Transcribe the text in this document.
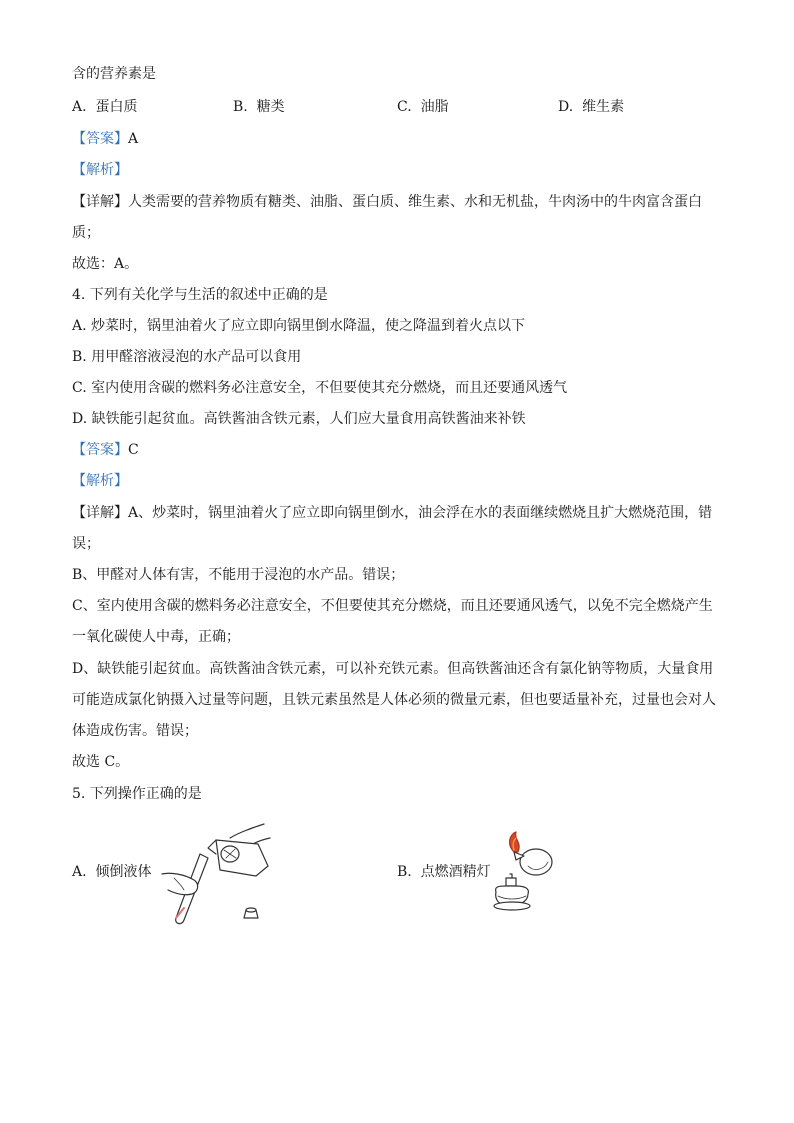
含的营养素是
A. 蛋白质	B. 糖类	C. 油脂	D. 维生素
【答案】A
【解析】
【详解】人类需要的营养物质有糖类、油脂、蛋白质、维生素、水和无机盐，牛肉汤中的牛肉富含蛋白
质；
故选：A。
4. 下列有关化学与生活的叙述中正确的是
A. 炒菜时，锅里油着火了应立即向锅里倒水降温，使之降温到着火点以下
B. 用甲醛溶液浸泡的水产品可以食用
C. 室内使用含碳的燃料务必注意安全，不但要使其充分燃烧，而且还要通风透气
D. 缺铁能引起贫血。高铁酱油含铁元素，人们应大量食用高铁酱油来补铁
【答案】C
【解析】
【详解】A、炒菜时，锅里油着火了应立即向锅里倒水，油会浮在水的表面继续燃烧且扩大燃烧范围，错
误；
B、甲醛对人体有害，不能用于浸泡的水产品。错误；
C、室内使用含碳的燃料务必注意安全，不但要使其充分燃烧，而且还要通风透气，以免不完全燃烧产生
一氧化碳使人中毒，正确；
D、缺铁能引起贫血。高铁酱油含铁元素，可以补充铁元素。但高铁酱油还含有氯化钠等物质，大量食用
可能造成氯化钠摄入过量等问题，且铁元素虽然是人体必须的微量元素，但也要适量补充，过量也会对人
体造成伤害。错误；
故选 C。
5. 下列操作正确的是
A. 倾倒液体	B. 点燃酒精灯
